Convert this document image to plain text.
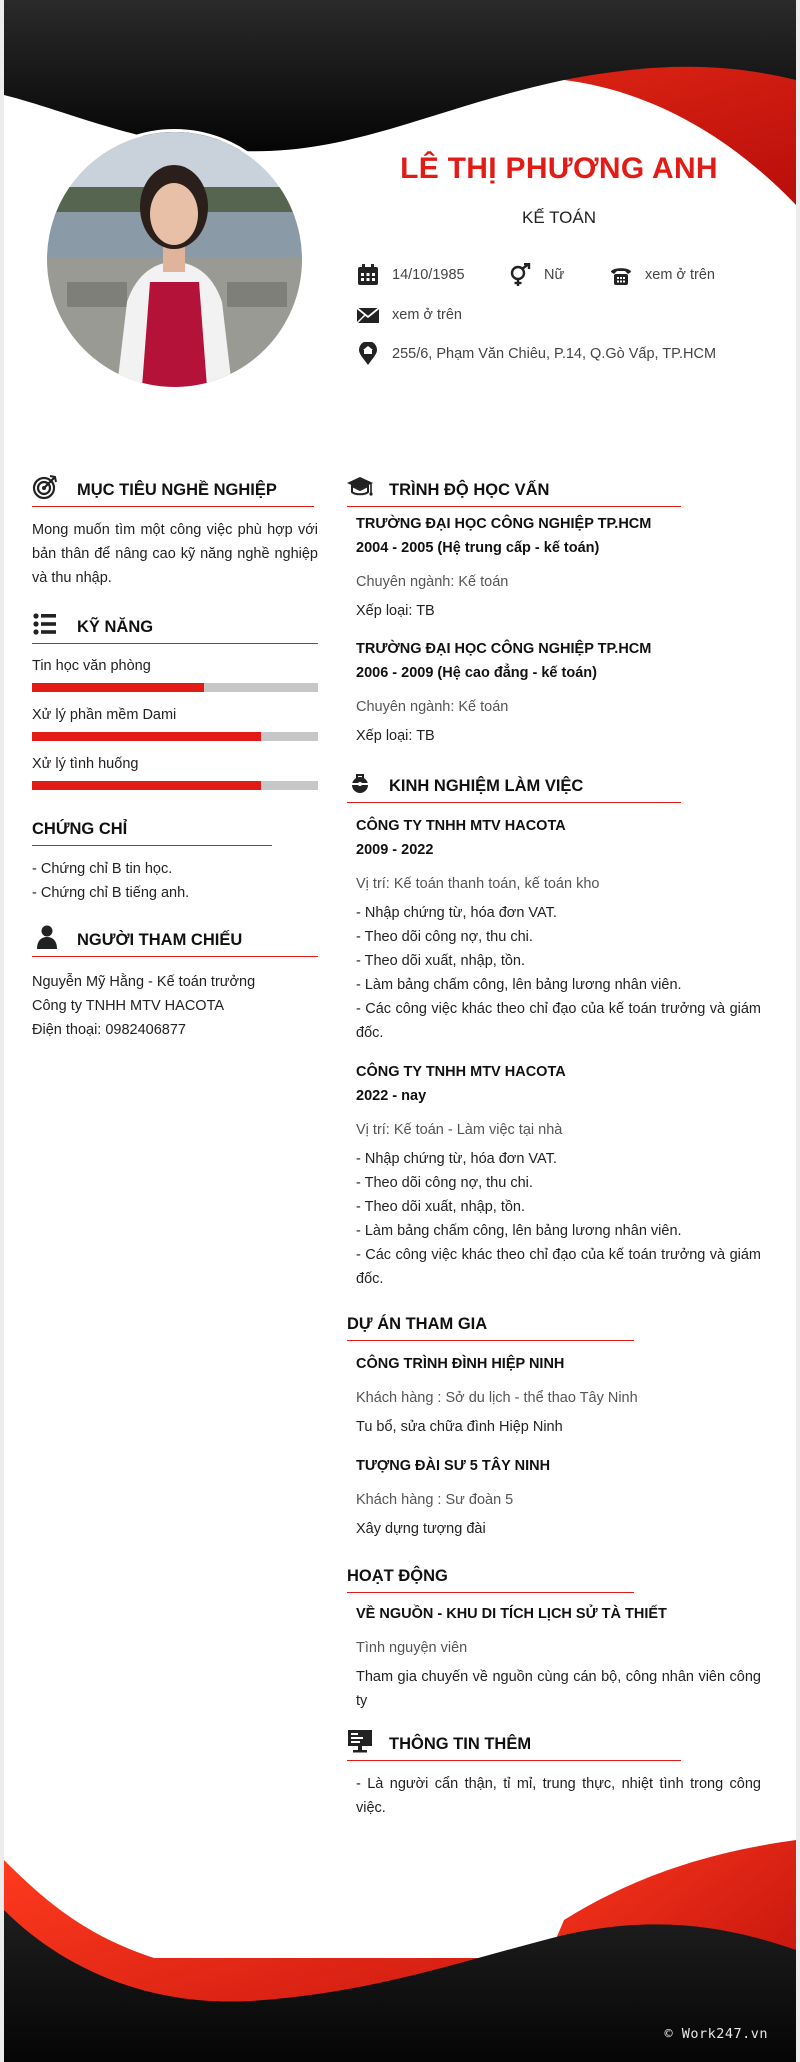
LÊ THỊ PHƯƠNG ANH
KẾ TOÁN
14/10/1985	Nữ	xem ở trên
xem ở trên
255/6, Phạm Văn Chiêu, P.14, Q.Gò Vấp, TP.HCM
MỤC TIÊU NGHỀ NGHIỆP
Mong muốn tìm một công việc phù hợp với bản thân để nâng cao kỹ năng nghề nghiệp và thu nhập.
KỸ NĂNG
Tin học văn phòng
Xử lý phần mềm Dami
Xử lý tình huống
CHỨNG CHỈ
- Chứng chỉ B tin học.
- Chứng chỉ B tiếng anh.
NGƯỜI THAM CHIẾU
Nguyễn Mỹ Hằng - Kế toán trưởng
Công ty TNHH MTV HACOTA
Điện thoại: 0982406877
TRÌNH ĐỘ HỌC VẤN
TRƯỜNG ĐẠI HỌC CÔNG NGHIỆP TP.HCM
2004 - 2005 (Hệ trung cấp - kế toán)
Chuyên ngành: Kế toán
Xếp loại: TB
TRƯỜNG ĐẠI HỌC CÔNG NGHIỆP TP.HCM
2006 - 2009 (Hệ cao đẳng - kế toán)
Chuyên ngành: Kế toán
Xếp loại: TB
KINH NGHIỆM LÀM VIỆC
CÔNG TY TNHH MTV HACOTA
2009 - 2022
Vị trí: Kế toán thanh toán, kế toán kho
- Nhập chứng từ, hóa đơn VAT.
- Theo dõi công nợ, thu chi.
- Theo dõi xuất, nhập, tồn.
- Làm bảng chấm công, lên bảng lương nhân viên.
- Các công việc khác theo chỉ đạo của kế toán trưởng và giám đốc.
CÔNG TY TNHH MTV HACOTA
2022 - nay
Vị trí: Kế toán - Làm việc tại nhà
- Nhập chứng từ, hóa đơn VAT.
- Theo dõi công nợ, thu chi.
- Theo dõi xuất, nhập, tồn.
- Làm bảng chấm công, lên bảng lương nhân viên.
- Các công việc khác theo chỉ đạo của kế toán trưởng và giám đốc.
DỰ ÁN THAM GIA
CÔNG TRÌNH ĐÌNH HIỆP NINH
Khách hàng : Sở du lịch - thể thao Tây Ninh
Tu bổ, sửa chữa đình Hiệp Ninh
TƯỢNG ĐÀI SƯ 5 TÂY NINH
Khách hàng : Sư đoàn 5
Xây dựng tượng đài
HOẠT ĐỘNG
VỀ NGUỒN - KHU DI TÍCH LỊCH SỬ TÀ THIẾT
Tình nguyện viên
Tham gia chuyến về nguồn cùng cán bộ, công nhân viên công ty
THÔNG TIN THÊM
- Là người cẩn thận, tỉ mỉ, trung thực, nhiệt tình trong công việc.
© Work247.vn
